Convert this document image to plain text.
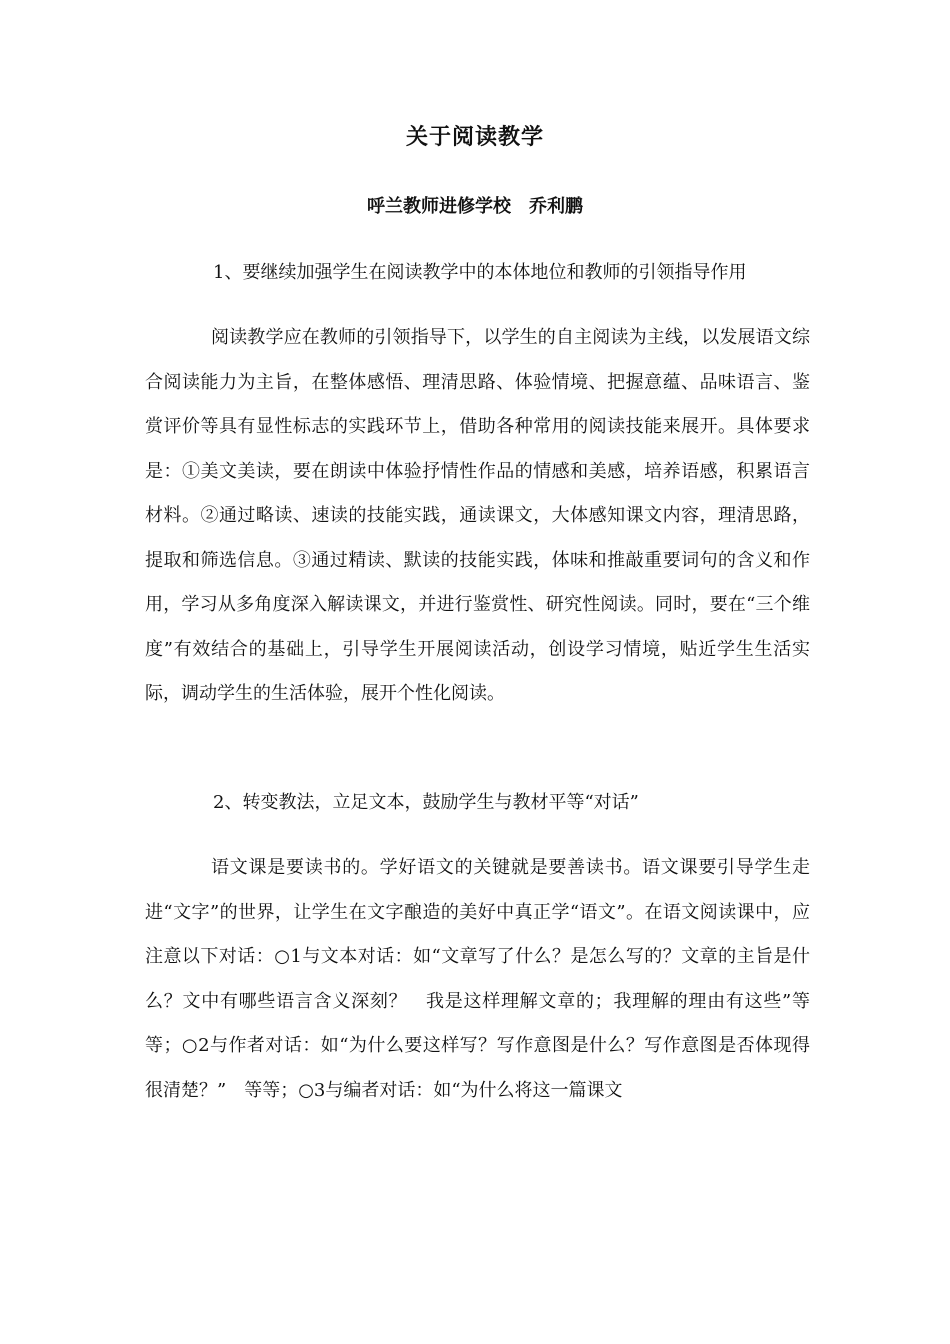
关于阅读教学
呼兰教师进修学校　乔利鹏
1、要继续加强学生在阅读教学中的本体地位和教师的引领指导作用
阅读教学应在教师的引领指导下，以学生的自主阅读为主线，以发展语文综合阅读能力为主旨，在整体感悟、理清思路、体验情境、把握意蕴、品味语言、鉴赏评价等具有显性标志的实践环节上，借助各种常用的阅读技能来展开。具体要求是：①美文美读，要在朗读中体验抒情性作品的情感和美感，培养语感，积累语言材料。②通过略读、速读的技能实践，通读课文，大体感知课文内容，理清思路，提取和筛选信息。③通过精读、默读的技能实践，体味和推敲重要词句的含义和作用，学习从多角度深入解读课文，并进行鉴赏性、研究性阅读。同时，要在“三个维度”有效结合的基础上，引导学生开展阅读活动，创设学习情境，贴近学生生活实际，调动学生的生活体验，展开个性化阅读。
2、转变教法，立足文本，鼓励学生与教材平等“对话”
语文课是要读书的。学好语文的关键就是要善读书。语文课要引导学生走进“文字”的世界，让学生在文字酿造的美好中真正学“语文”。在语文阅读课中，应注意以下对话：○1与文本对话：如“文章写了什么？是怎么写的？文章的主旨是什么？文中有哪些语言含义深刻？　我是这样理解文章的；我理解的理由有这些”等等；○2与作者对话：如“为什么要这样写？写作意图是什么？写作意图是否体现得很清楚？”　等等；○3与编者对话：如“为什么将这一篇课文
